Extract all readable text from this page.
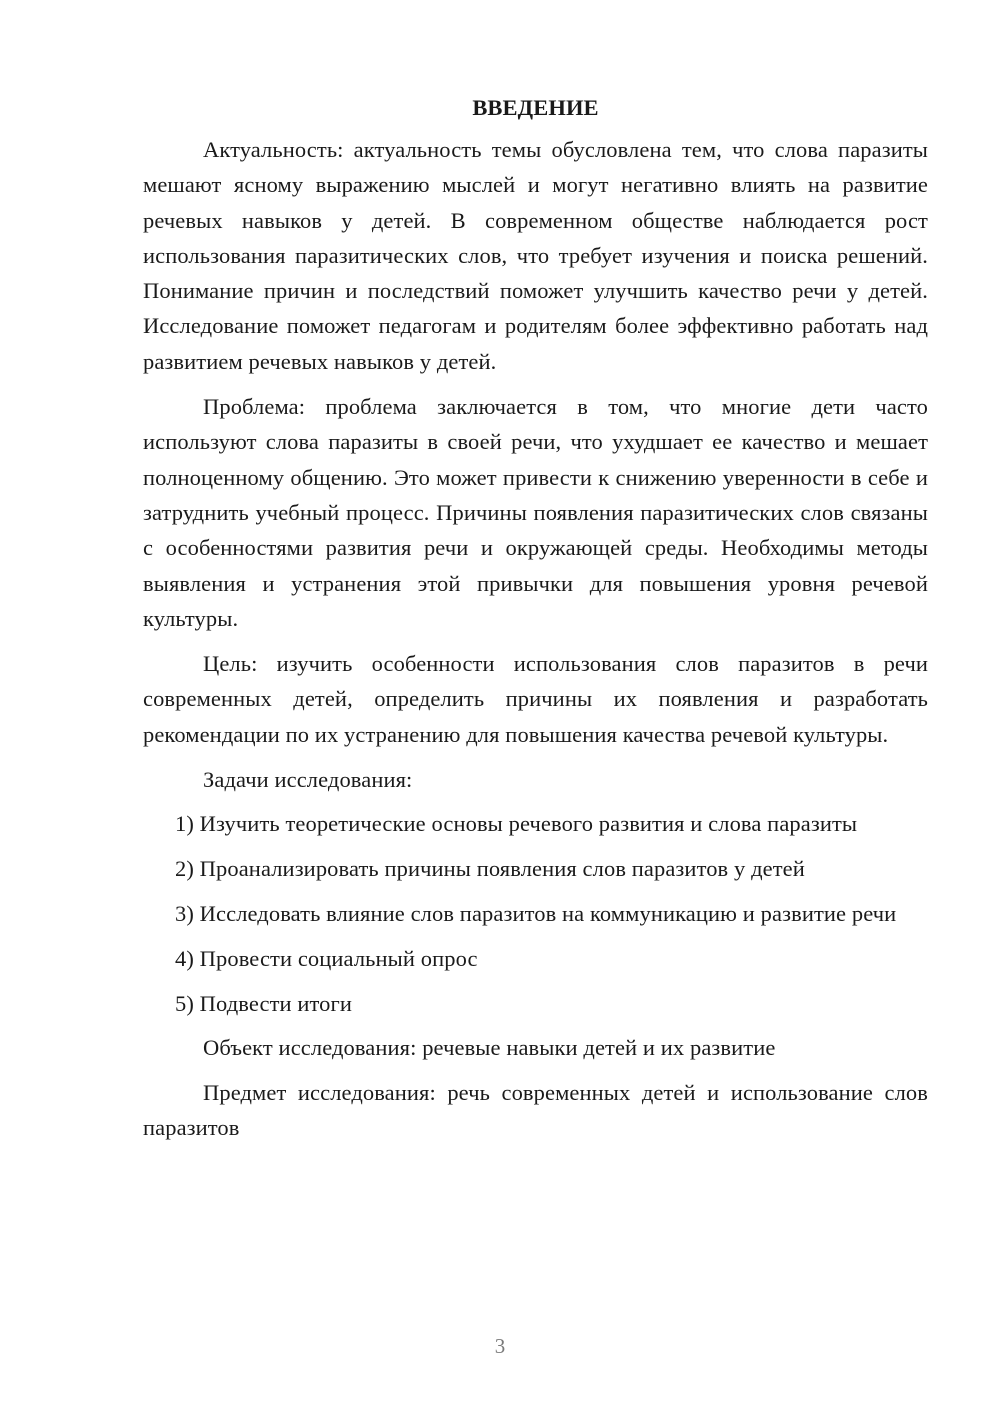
ВВЕДЕНИЕ
Актуальность: актуальность темы обусловлена тем, что слова паразиты мешают ясному выражению мыслей и могут негативно влиять на развитие речевых навыков у детей. В современном обществе наблюдается рост использования паразитических слов, что требует изучения и поиска решений. Понимание причин и последствий поможет улучшить качество речи у детей. Исследование поможет педагогам и родителям более эффективно работать над развитием речевых навыков у детей.
Проблема: проблема заключается в том, что многие дети часто используют слова паразиты в своей речи, что ухудшает ее качество и мешает полноценному общению. Это может привести к снижению уверенности в себе и затруднить учебный процесс. Причины появления паразитических слов связаны с особенностями развития речи и окружающей среды. Необходимы методы выявления и устранения этой привычки для повышения уровня речевой культуры.
Цель: изучить особенности использования слов паразитов в речи современных детей, определить причины их появления и разработать рекомендации по их устранению для повышения качества речевой культуры.
Задачи исследования:
1) Изучить теоретические основы речевого развития и слова паразиты
2) Проанализировать причины появления слов паразитов у детей
3) Исследовать влияние слов паразитов на коммуникацию и развитие речи
4) Провести социальный опрос
5) Подвести итоги
Объект исследования: речевые навыки детей и их развитие
Предмет исследования: речь современных детей и использование слов паразитов
3
